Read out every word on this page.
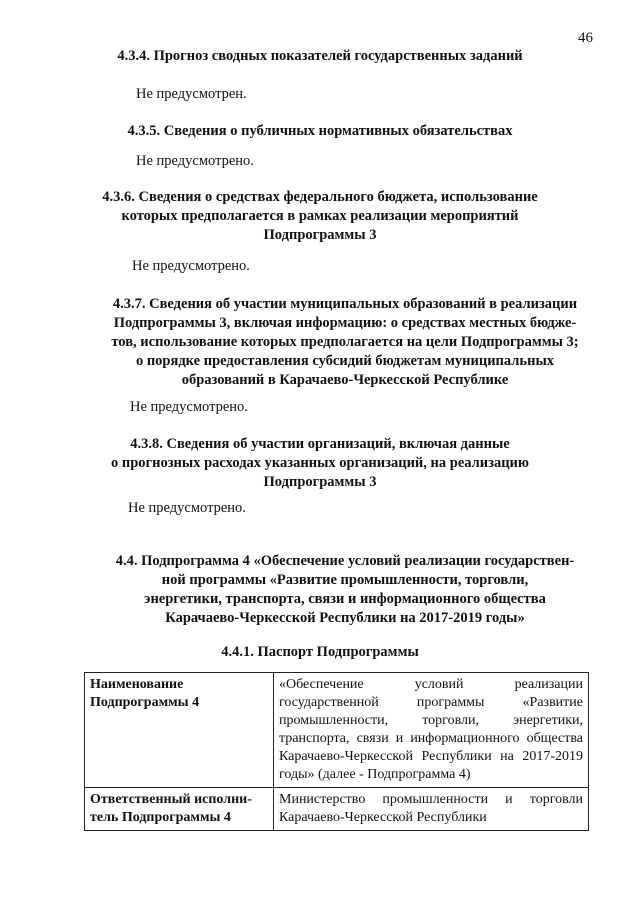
46
4.3.4. Прогноз сводных показателей государственных заданий
Не предусмотрен.
4.3.5. Сведения о публичных нормативных обязательствах
Не предусмотрено.
4.3.6. Сведения о средствах федерального бюджета, использование
которых предполагается в рамках реализации мероприятий
Подпрограммы 3
Не предусмотрено.
4.3.7. Сведения об участии муниципальных образований в реализации
Подпрограммы 3, включая информацию: о средствах местных бюдже-
тов, использование которых предполагается на цели Подпрограммы 3;
о порядке предоставления субсидий бюджетам муниципальных
образований в Карачаево-Черкесской Республике
Не предусмотрено.
4.3.8. Сведения об участии организаций, включая данные
о прогнозных расходах указанных организаций, на реализацию
Подпрограммы 3
Не предусмотрено.
4.4. Подпрограмма 4 «Обеспечение условий реализации государствен-
ной программы «Развитие промышленности, торговли,
энергетики, транспорта, связи и информационного общества
Карачаево-Черкесской Республики на 2017-2019 годы»
4.4.1. Паспорт Подпрограммы
Наименование
Подпрограммы 4	«Обеспечение условий реализации государственной программы «Развитие промышленности, торговли, энергетики, транспорта, связи и информационного общества Карачаево-Черкесской Республики на 2017-2019 годы» (далее - Подпрограмма 4)

Ответственный исполни-
тель Подпрограммы 4	Министерство промышленности и торговли Карачаево-Черкесской Республики
